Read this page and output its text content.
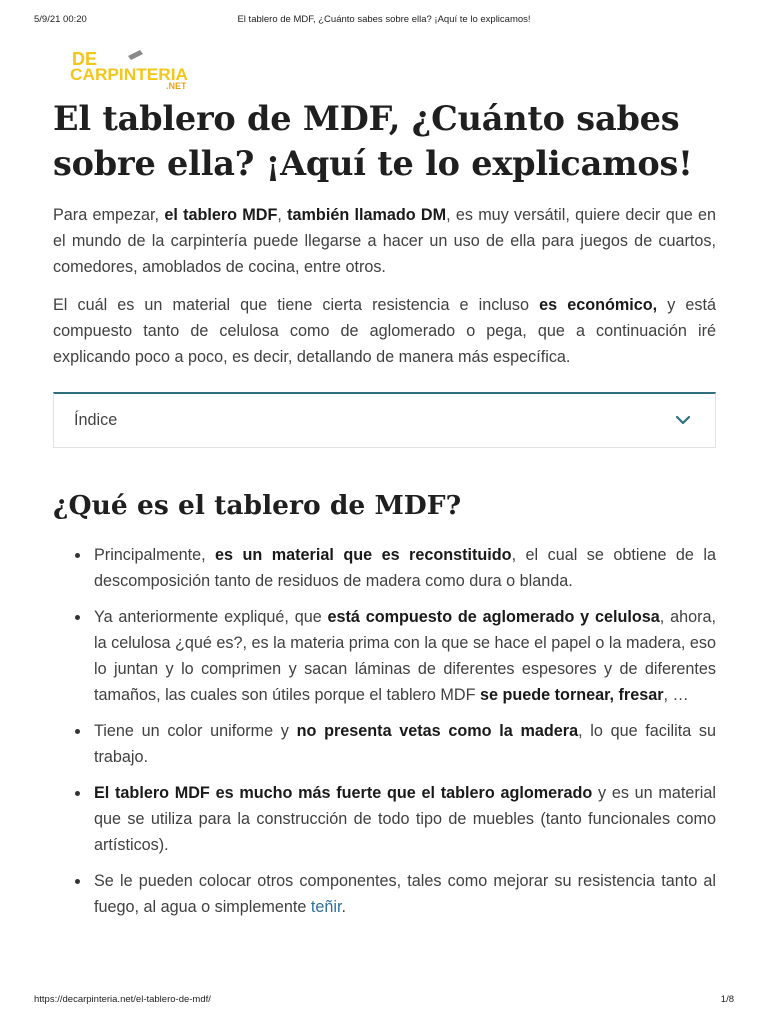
5/9/21 00:20	El tablero de MDF, ¿Cuánto sabes sobre ella? ¡Aquí te lo explicamos!
DE
CARPINTERIA
.NET
El tablero de MDF, ¿Cuánto sabes sobre ella? ¡Aquí te lo explicamos!

Para empezar, el tablero MDF, también llamado DM, es muy versátil, quiere decir que en el mundo de la carpintería puede llegarse a hacer un uso de ella para juegos de cuartos, comedores, amoblados de cocina, entre otros.

El cuál es un material que tiene cierta resistencia e incluso es económico, y está compuesto tanto de celulosa como de aglomerado o pega, que a continuación iré explicando poco a poco, es decir, detallando de manera más específica.

Índice
¿Qué es el tablero de MDF?
Principalmente, es un material que es reconstituido, el cual se obtiene de la descomposición tanto de residuos de madera como dura o blanda.
Ya anteriormente expliqué, que está compuesto de aglomerado y celulosa, ahora, la celulosa ¿qué es?, es la materia prima con la que se hace el papel o la madera, eso lo juntan y lo comprimen y sacan láminas de diferentes espesores y de diferentes tamaños, las cuales son útiles porque el tablero MDF se puede tornear, fresar, …
Tiene un color uniforme y no presenta vetas como la madera, lo que facilita su trabajo.
El tablero MDF es mucho más fuerte que el tablero aglomerado y es un material que se utiliza para la construcción de todo tipo de muebles (tanto funcionales como artísticos).
Se le pueden colocar otros componentes, tales como mejorar su resistencia tanto al fuego, al agua o simplemente teñir.
https://decarpinteria.net/el-tablero-de-mdf/	1/8
